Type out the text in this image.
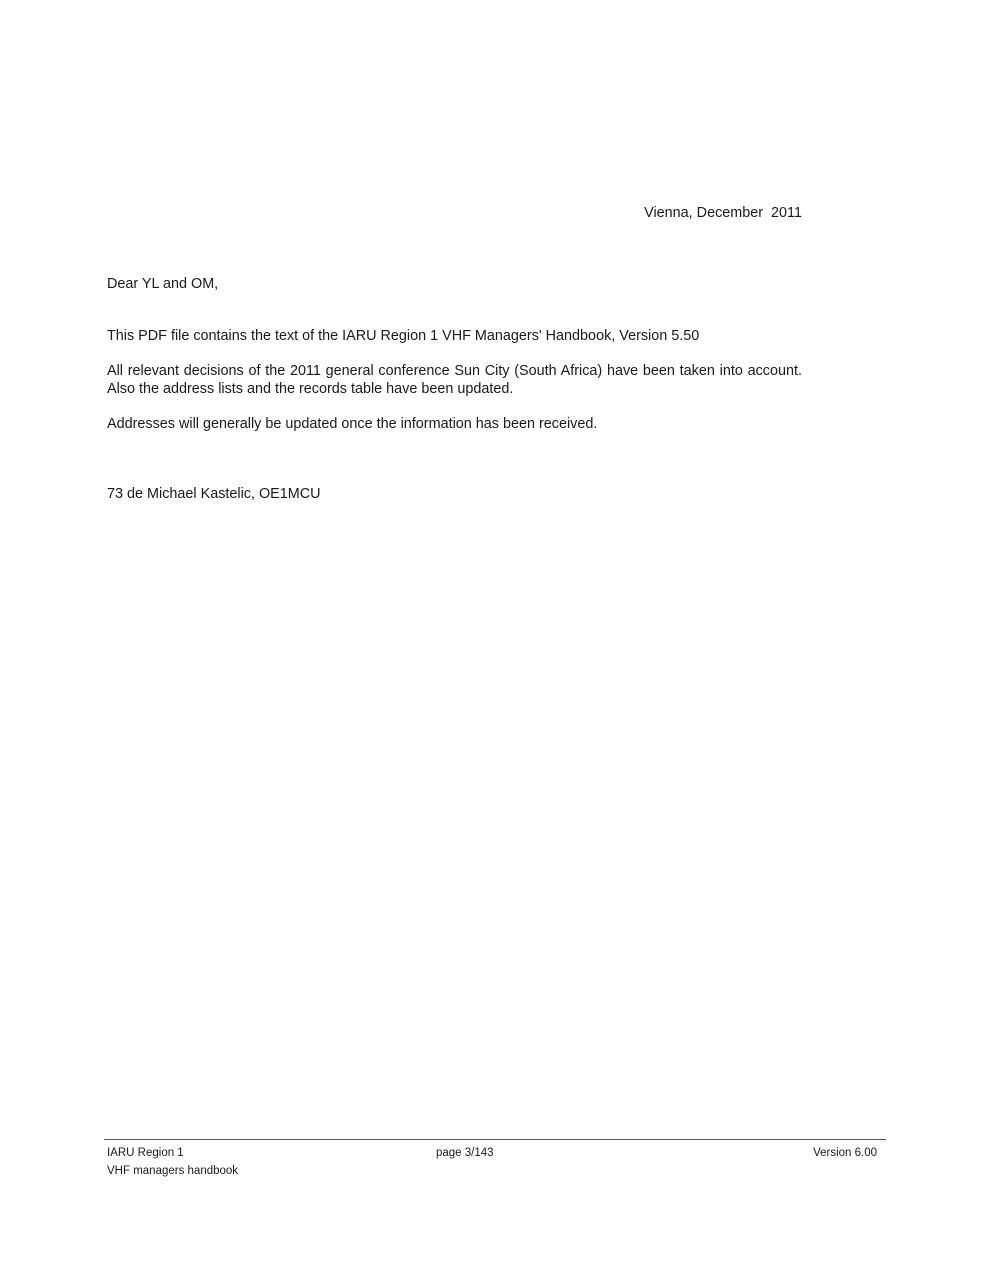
Vienna, December  2011
Dear YL and OM,
This PDF file contains the text of the IARU Region 1 VHF Managers' Handbook, Version 5.50
All relevant decisions of the 2011 general conference Sun City (South Africa) have been taken into account. Also the address lists and the records table have been updated.
Addresses will generally be updated once the information has been received.
73 de Michael Kastelic, OE1MCU
IARU Region 1	page 3/143	Version 6.00
VHF managers handbook
